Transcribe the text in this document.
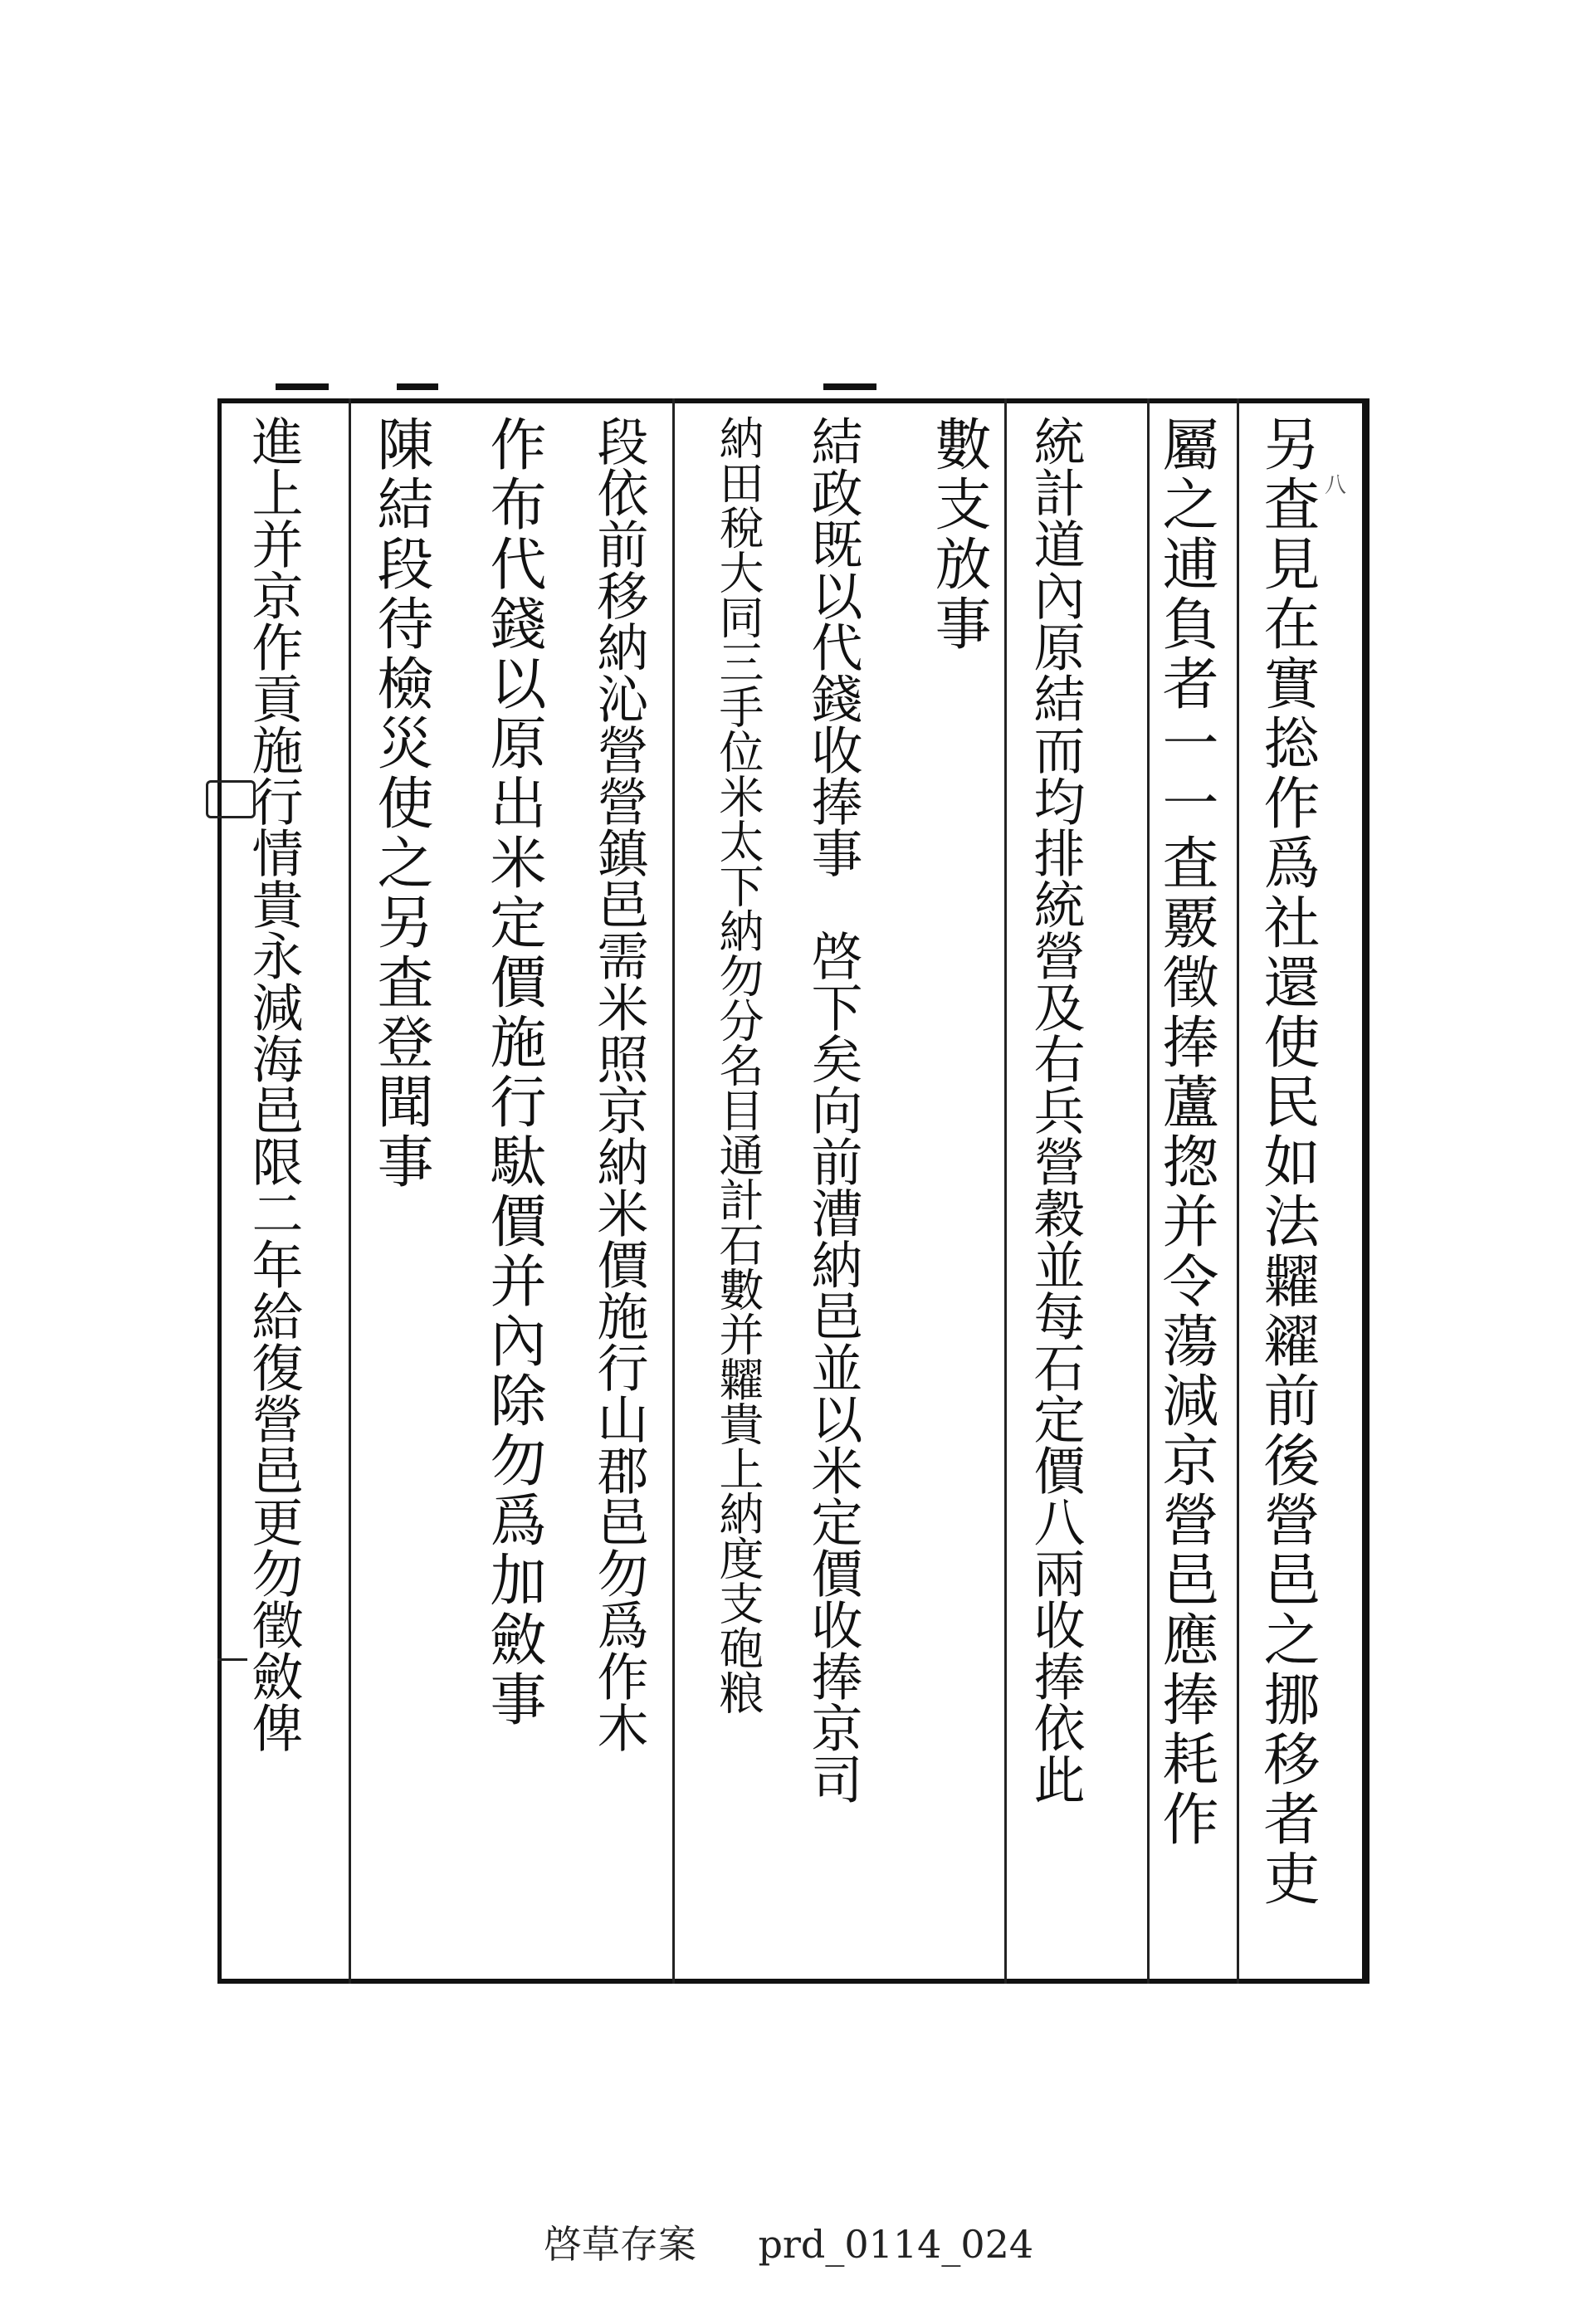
另査見在實捴作爲社還使民如法糶糴前後營邑之挪移者吏
屬之逋負者一一査覈徵捧蘆揔并令蕩減京營邑應捧耗作
統計道內原結而均排統營及右兵營穀並每石定價八兩收捧依此
數支放事
結政既以代錢收捧事　啓下矣向前漕納邑並以米定價收捧京司
納田稅大同三手位米太下納勿分名目通計石數并糶貴上納度支砲粮
段依前移納沁營營鎮邑需米照京納米價施行山郡邑勿爲作木
作布代錢以原出米定價施行駄價并內除勿爲加斂事
陳結段待檢災使之另査登聞事
進上并京作貢施行情貴永減海邑限二年給復營邑更勿徵斂俾	八
啓草存案 prd_0114_024
